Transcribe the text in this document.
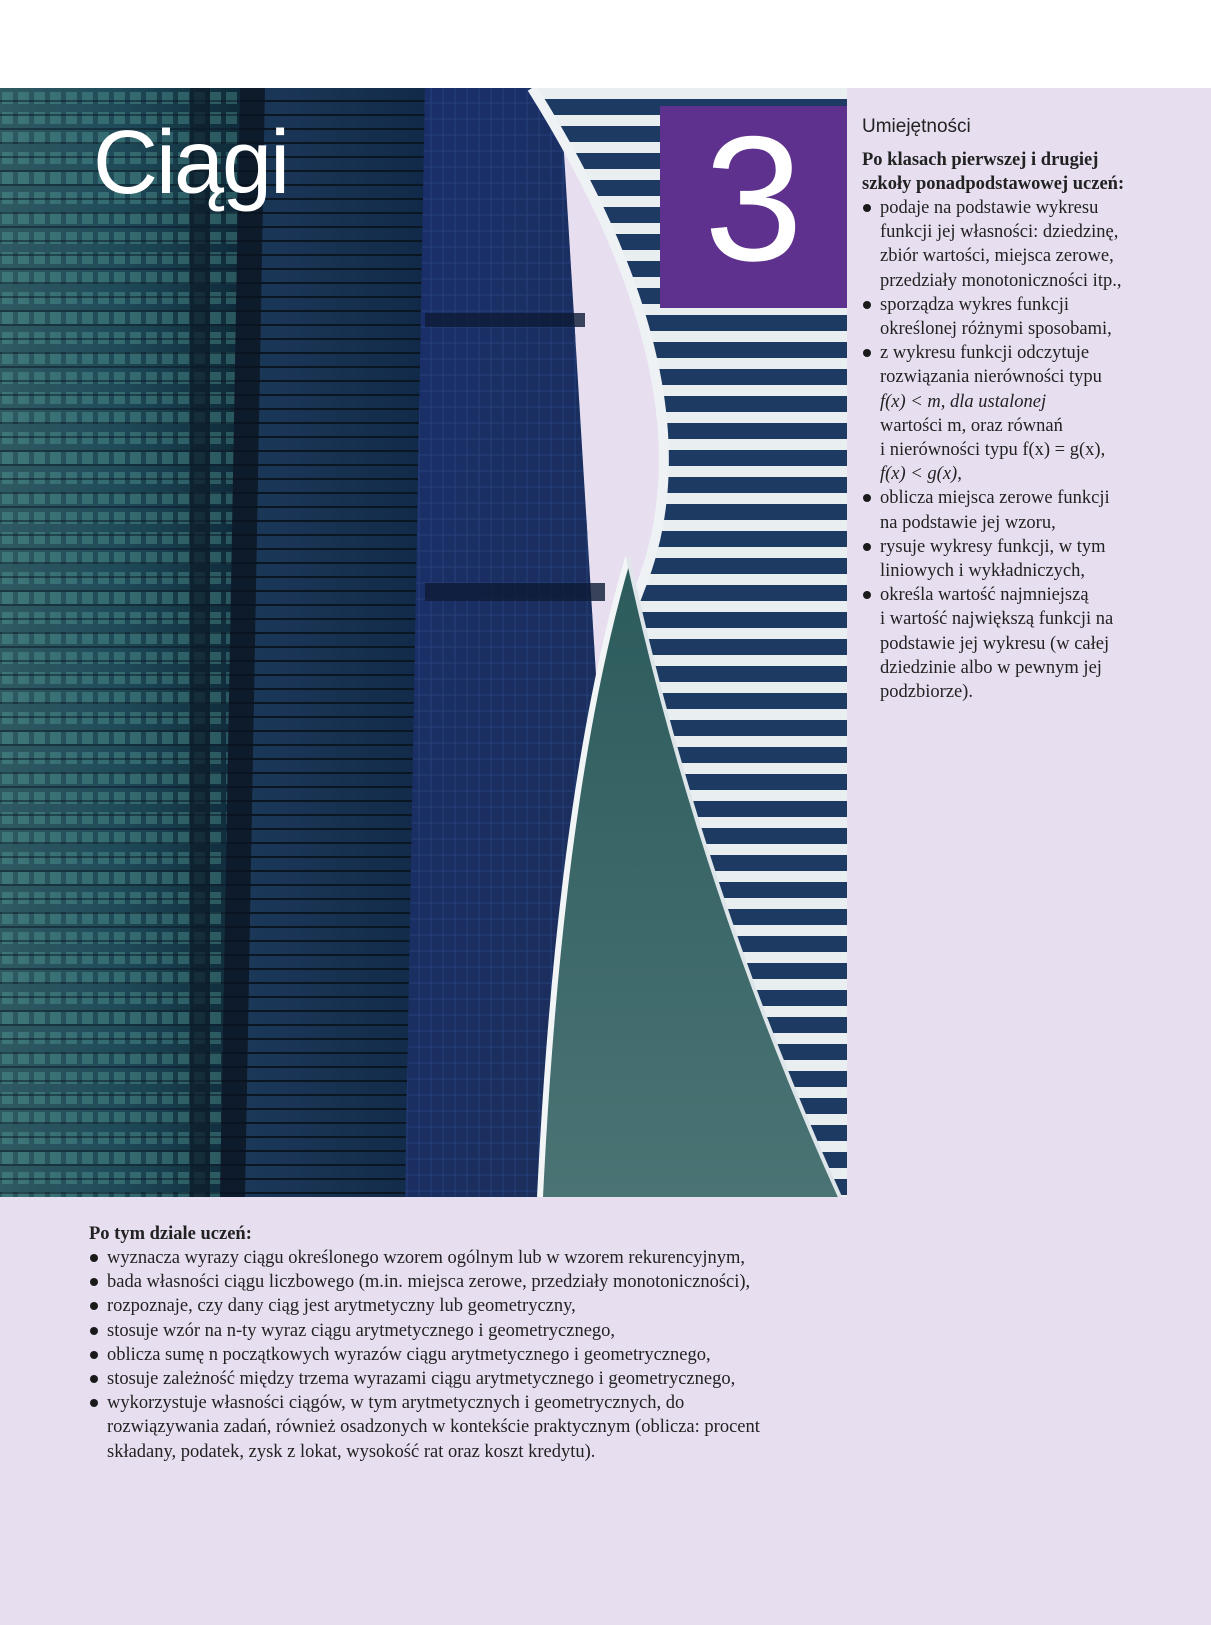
Ciągi 3	Umiejętności
Po klasach pierwszej i drugiej
szkoły ponadpodstawowej uczeń:
podaje na podstawie wykresu
funkcji jej własności: dziedzinę,
zbiór wartości, miejsca zerowe,
przedziały monotoniczności itp.,
sporządza wykres funkcji
określonej różnymi sposobami,
z wykresu funkcji odczytuje
rozwiązania nierówności typu
f(x) < m, dla ustalonej
wartości m, oraz równań
i nierówności typu f(x) = g(x),
f(x) < g(x),
oblicza miejsca zerowe funkcji
na podstawie jej wzoru,
rysuje wykresy funkcji, w tym
liniowych i wykładniczych,
określa wartość najmniejszą
i wartość największą funkcji na
podstawie jej wykresu (w całej
dziedzinie albo w pewnym jej
podzbiorze).
Po tym dziale uczeń:
wyznacza wyrazy ciągu określonego wzorem ogólnym lub w wzorem rekurencyjnym,
bada własności ciągu liczbowego (m.in. miejsca zerowe, przedziały monotoniczności),
rozpoznaje, czy dany ciąg jest arytmetyczny lub geometryczny,
stosuje wzór na n-ty wyraz ciągu arytmetycznego i geometrycznego,
oblicza sumę n początkowych wyrazów ciągu arytmetycznego i geometrycznego,
stosuje zależność między trzema wyrazami ciągu arytmetycznego i geometrycznego,
wykorzystuje własności ciągów, w tym arytmetycznych i geometrycznych, do
rozwiązywania zadań, również osadzonych w kontekście praktycznym (oblicza: procent
składany, podatek, zysk z lokat, wysokość rat oraz koszt kredytu).
